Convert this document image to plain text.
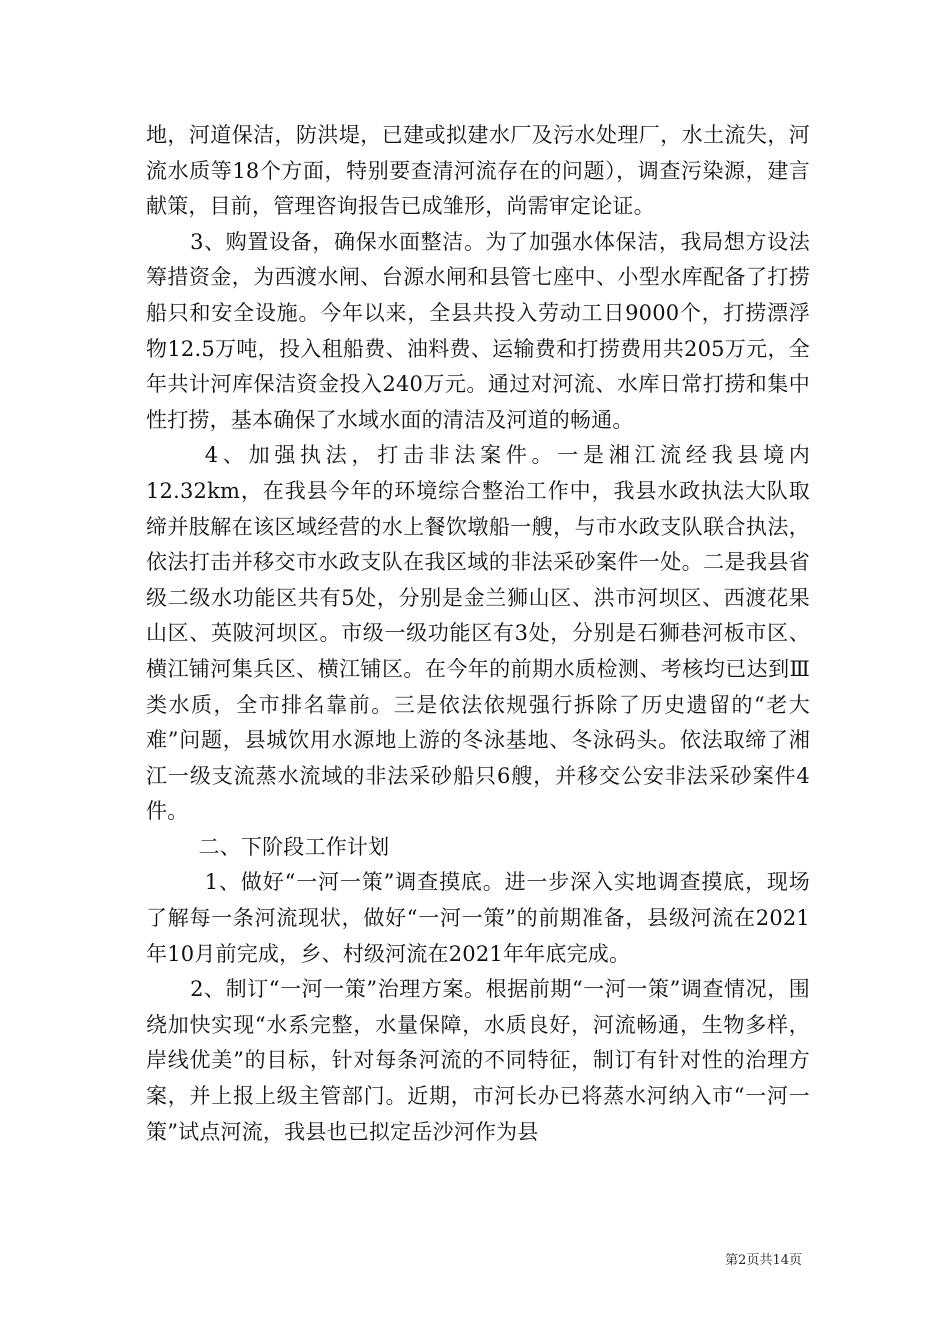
地，河道保洁，防洪堤，已建或拟建水厂及污水处理厂，水土流失，河流水质等18个方面，特别要查清河流存在的问题），调查污染源，建言献策，目前，管理咨询报告已成雏形，尚需审定论证。

3、购置设备，确保水面整洁。为了加强水体保洁，我局想方设法筹措资金，为西渡水闸、台源水闸和县管七座中、小型水库配备了打捞船只和安全设施。今年以来，全县共投入劳动工日9000个，打捞漂浮物12.5万吨，投入租船费、油料费、运输费和打捞费用共205万元，全年共计河库保洁资金投入240万元。通过对河流、水库日常打捞和集中性打捞，基本确保了水域水面的清洁及河道的畅通。

4、加强执法，打击非法案件。一是湘江流经我县境内12.32km，在我县今年的环境综合整治工作中，我县水政执法大队取缔并肢解在该区域经营的水上餐饮墩船一艘，与市水政支队联合执法，依法打击并移交市水政支队在我区域的非法采砂案件一处。二是我县省级二级水功能区共有5处，分别是金兰狮山区、洪市河坝区、西渡花果山区、英陂河坝区。市级一级功能区有3处，分别是石狮巷河板市区、横江铺河集兵区、横江铺区。在今年的前期水质检测、考核均已达到Ⅲ类水质，全市排名靠前。三是依法依规强行拆除了历史遗留的“老大难”问题，县城饮用水源地上游的冬泳基地、冬泳码头。依法取缔了湘江一级支流蒸水流域的非法采砂船只6艘，并移交公安非法采砂案件4件。

二、下阶段工作计划

1、做好“一河一策”调查摸底。进一步深入实地调查摸底，现场了解每一条河流现状，做好“一河一策”的前期准备，县级河流在2021年10月前完成，乡、村级河流在2021年年底完成。

2、制订“一河一策”治理方案。根据前期“一河一策”调查情况，围绕加快实现“水系完整，水量保障，水质良好，河流畅通，生物多样，岸线优美”的目标，针对每条河流的不同特征，制订有针对性的治理方案，并上报上级主管部门。近期，市河长办已将蒸水河纳入市“一河一策”试点河流，我县也已拟定岳沙河作为县

第2页共14页
